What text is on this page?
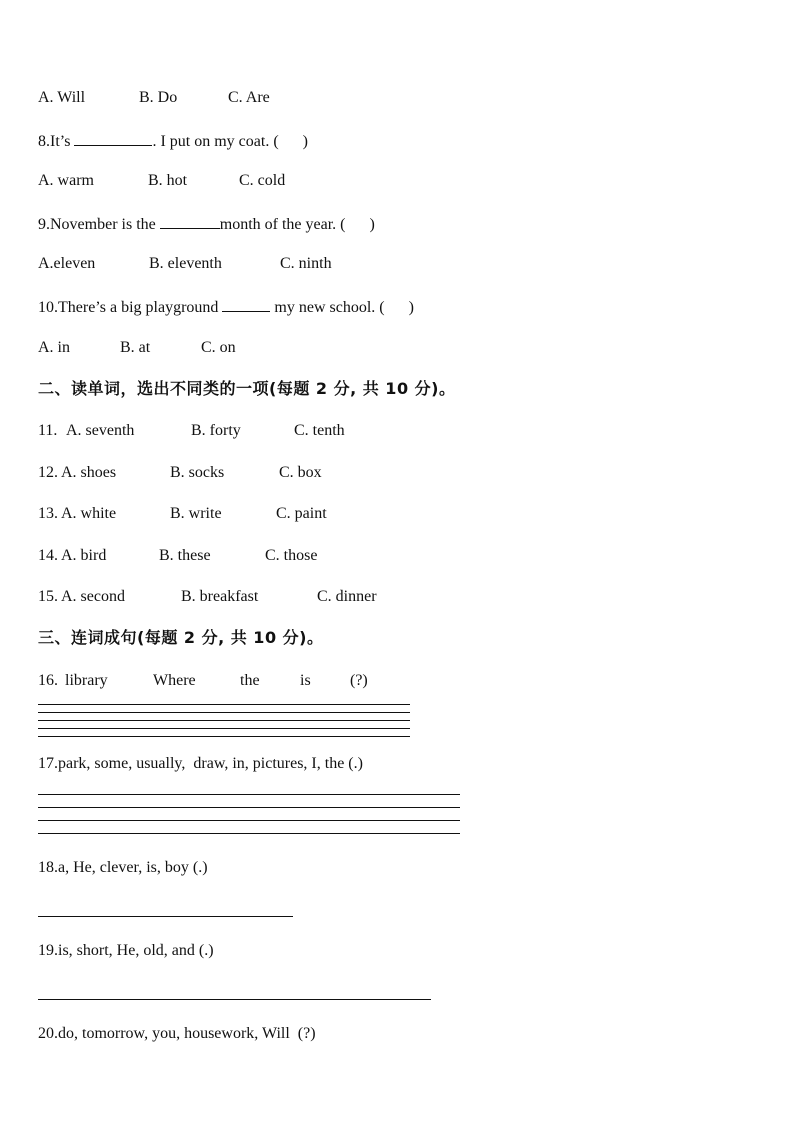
A. Will	B. Do	C. Are
8.It’s	. I put on my coat. (      )
A. warm	B. hot	C. cold
9.November is the	month of the year. (      )
A.eleven	B. eleventh	C. ninth
10.There’s a big playground	my new school. (      )
A. in	B. at	C. on
二、读单词，选出不同类的一项(每题 2 分, 共 10 分)。
11. A. seventh	B. forty	C. tenth
12. A. shoes	B. socks	C. box
13. A. white	B. write	C. paint
14. A. bird	B. these	C. those
15. A. second	B. breakfast	C. dinner
三、连词成句(每题 2 分, 共 10 分)。
16. library	Where	the	is (?)
17.park, some, usually,  draw, in, pictures, I, the (.)
18.a, He, clever, is, boy (.)
19.is, short, He, old, and (.)
20.do, tomorrow, you, housework, Will  (?)
